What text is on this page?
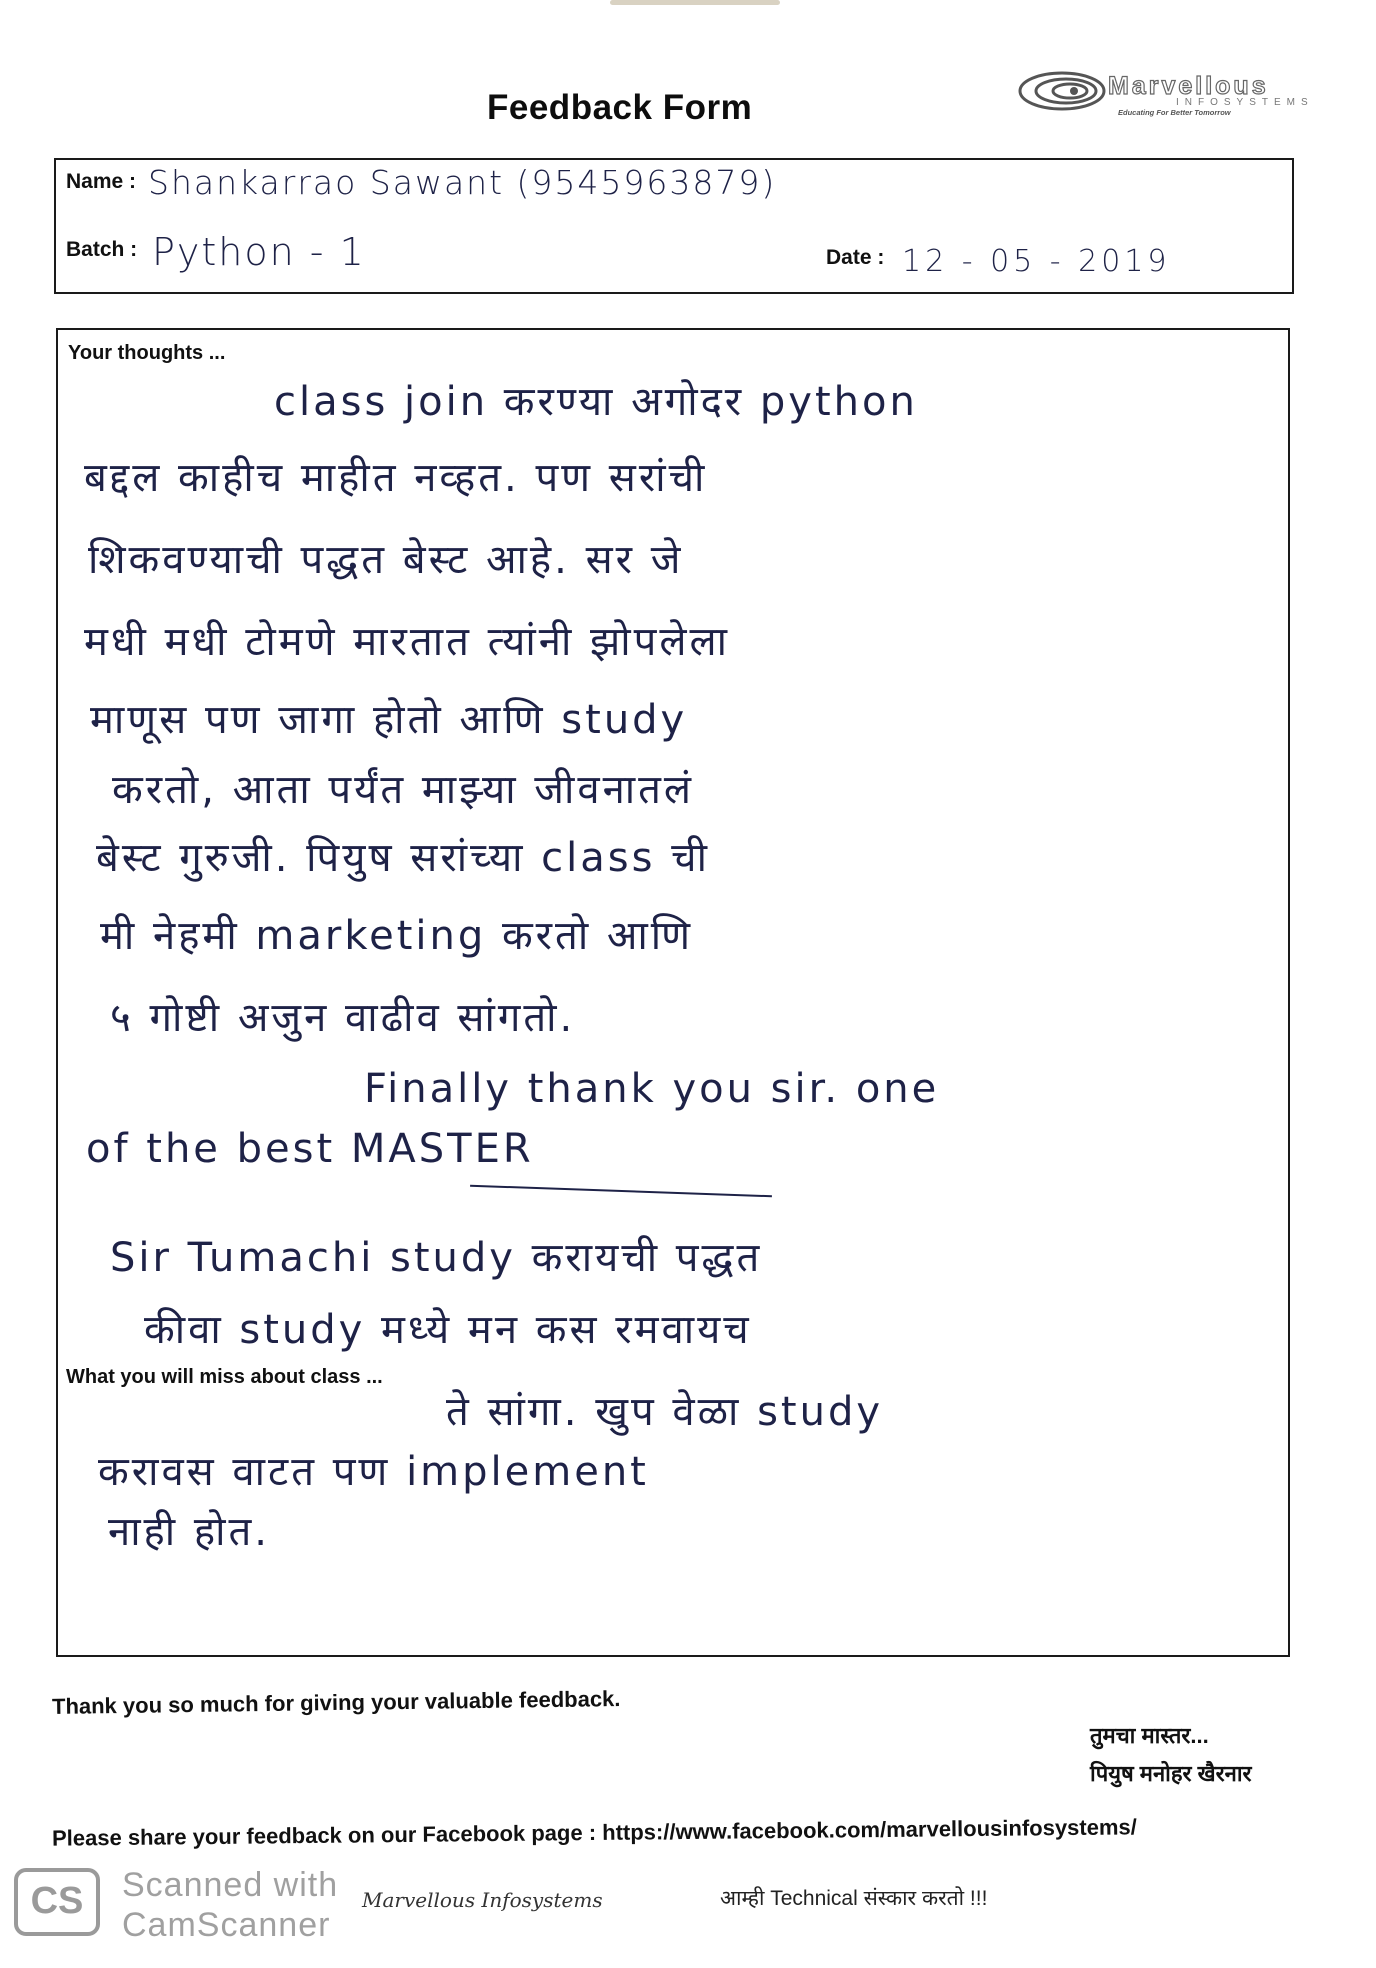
Feedback Form
Marvellous
INFOSYSTEMS
Educating For Better Tomorrow
Name : Shankarrao Sawant (9545963879)
Batch : Python - 1	Date : 12 - 05 - 2019
Your thoughts ...
What you will miss about class ...
class join करण्या अगोदर python
बद्दल काहीच माहीत नव्हत. पण सरांची
शिकवण्याची पद्धत बेस्ट आहे. सर जे
मधी मधी टोमणे मारतात त्यांनी झोपलेला
माणूस पण जागा होतो आणि study
करतो, आता पर्यंत माझ्या जीवनातलं
बेस्ट गुरुजी. पियुष सरांच्या class ची
मी नेहमी marketing करतो आणि
५ गोष्टी अजुन वाढीव सांगतो.
Finally thank you sir. one
of the best MASTER
Sir Tumachi study करायची पद्धत
कीवा study मध्ये मन कस रमवायच
ते सांगा. खुप वेळा study
करावस वाटत पण implement
नाही होत.
Thank you so much for giving your valuable feedback.
तुमचा मास्तर...
पियुष मनोहर खैरनार
Please share your feedback on our Facebook page : https://www.facebook.com/marvellousinfosystems/
CS	Scanned with
CamScanner
Marvellous Infosystems	आम्ही Technical संस्कार करतो !!!
